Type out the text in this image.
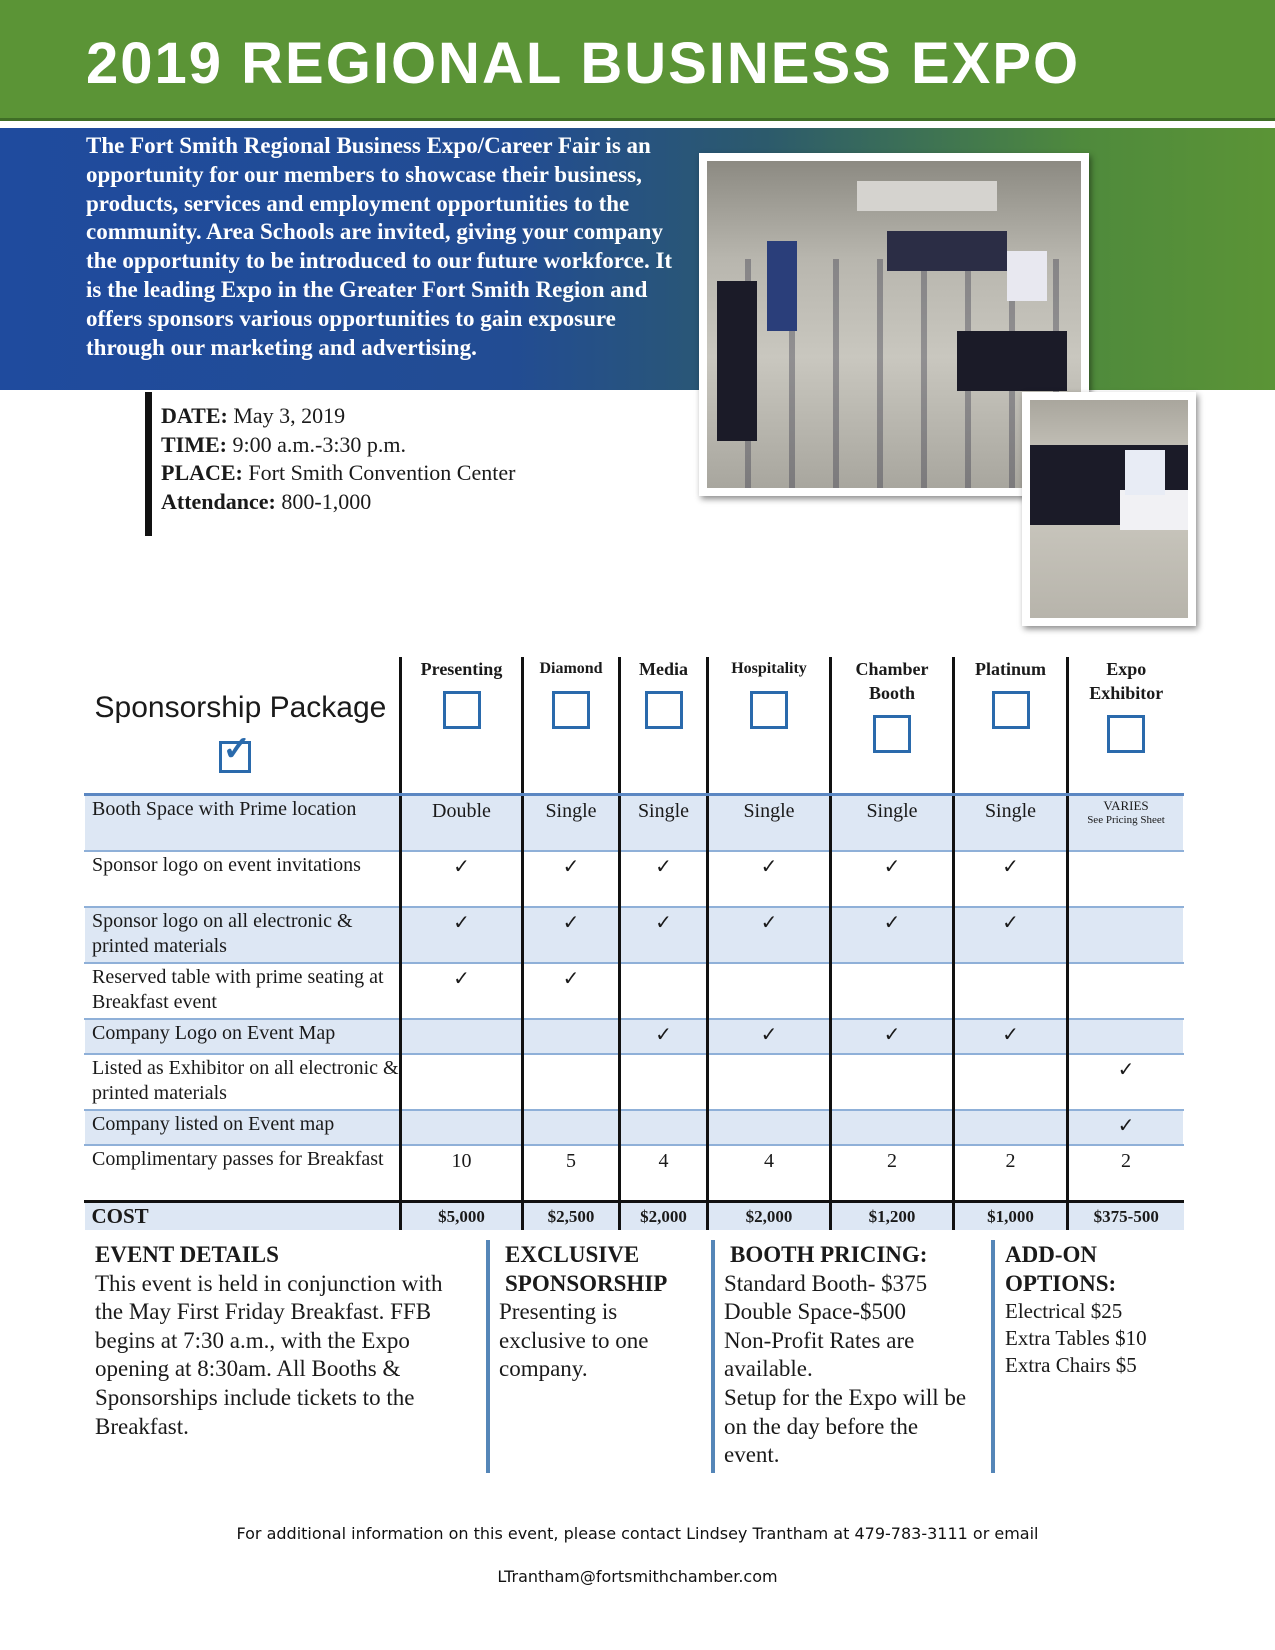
2019 REGIONAL BUSINESS EXPO
The Fort Smith Regional Business Expo/Career Fair is an opportunity for our members to showcase their business, products, services and employment opportunities to the community. Area Schools are invited, giving your company the opportunity to be introduced to our future workforce. It is the leading Expo in the Greater Fort Smith Region and offers sponsors various opportunities to gain exposure through our marketing and advertising.
DATE: May 3, 2019
TIME: 9:00 a.m.-3:30 p.m.
PLACE: Fort Smith Convention Center
Attendance: 800-1,000
Sponsorship Package
✓	Presenting	Diamond	Media	Hospitality	Chamber Booth	Platinum	Expo Exhibitor

Booth Space with Prime location	Double	Single	Single	Single	Single	Single	VARIES
See Pricing Sheet

Sponsor logo on event invitations	✓	✓	✓	✓	✓	✓	
Sponsor logo on all electronic & printed materials	✓	✓	✓	✓	✓	✓	
Reserved table with prime seating at Breakfast event	✓	✓					
Company Logo on Event Map			✓	✓	✓	✓	
Listed as Exhibitor on all electronic & printed materials							✓
Company listed on Event map							✓
Complimentary passes for Breakfast	10	5	4	4	2	2	2
COST	$5,000	$2,500	$2,000	$2,000	$1,200	$1,000	$375-500
EVENT DETAILS
This event is held in conjunction with the May First Friday Breakfast. FFB begins at 7:30 a.m., with the Expo opening at 8:30am. All Booths & Sponsorships include tickets to the Breakfast.
EXCLUSIVE SPONSORSHIP
Presenting is exclusive to one company.
BOOTH PRICING:
Standard Booth- $375
Double Space-$500
Non-Profit Rates are available.
Setup for the Expo will be on the day before the event.
ADD-ON OPTIONS:
Electrical $25
Extra Tables $10
Extra Chairs $5
For additional information on this event, please contact Lindsey Trantham at 479-783-3111 or email
LTrantham@fortsmithchamber.com
